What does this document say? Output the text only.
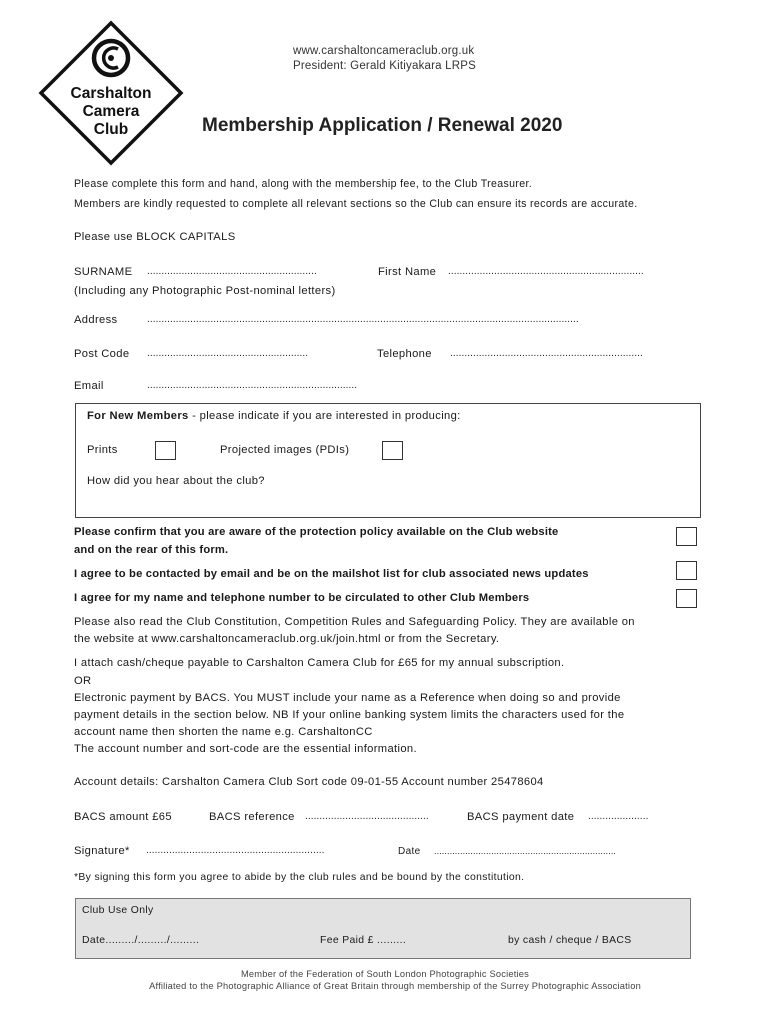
Carshalton
Camera
Club
www.carshaltoncameraclub.org.uk
President: Gerald Kitiyakara LRPS
Membership Application / Renewal 2020
Please complete this form and hand, along with the membership fee, to the Club Treasurer.
Members are kindly requested to complete all relevant sections so the Club can ensure its records are accurate.
Please use BLOCK CAPITALS
SURNAME ...........................................................	First Name ....................................................................
(Including any Photographic Post-nominal letters)
Address	......................................................................................................................................................
Post Code ........................................................	Telephone ...................................................................
Email	.........................................................................
For New Members - please indicate if you are interested in producing:
Prints	Projected images (PDIs)
How did you hear about the club?
Please confirm that you are aware of the protection policy available on the Club website
and on the rear of this form.
I agree to be contacted by email and be on the mailshot list for club associated news updates
I agree for my name and telephone number to be circulated to other Club Members
Please also read the Club Constitution, Competition Rules and Safeguarding Policy. They are available on
the website at www.carshaltoncameraclub.org.uk/join.html or from the Secretary.
I attach cash/cheque payable to Carshalton Camera Club for £65 for my annual subscription.
OR
Electronic payment by BACS. You MUST include your name as a Reference when doing so and provide
payment details in the section below. NB If your online banking system limits the characters used for the
account name then shorten the name e.g. CarshaltonCC
The account number and sort-code are the essential information.
Account details: Carshalton Camera Club Sort code 09-01-55 Account number 25478604
BACS amount £65	BACS reference ...........................................	BACS payment date .....................
Signature* ..............................................................	Date ......................................................................
*By signing this form you agree to abide by the club rules and be bound by the constitution.
Club Use Only
Date........./........./.........	Fee Paid £ .........	by cash / cheque / BACS
Member of the Federation of South London Photographic Societies
Affiliated to the Photographic Alliance of Great Britain through membership of the Surrey Photographic Association
